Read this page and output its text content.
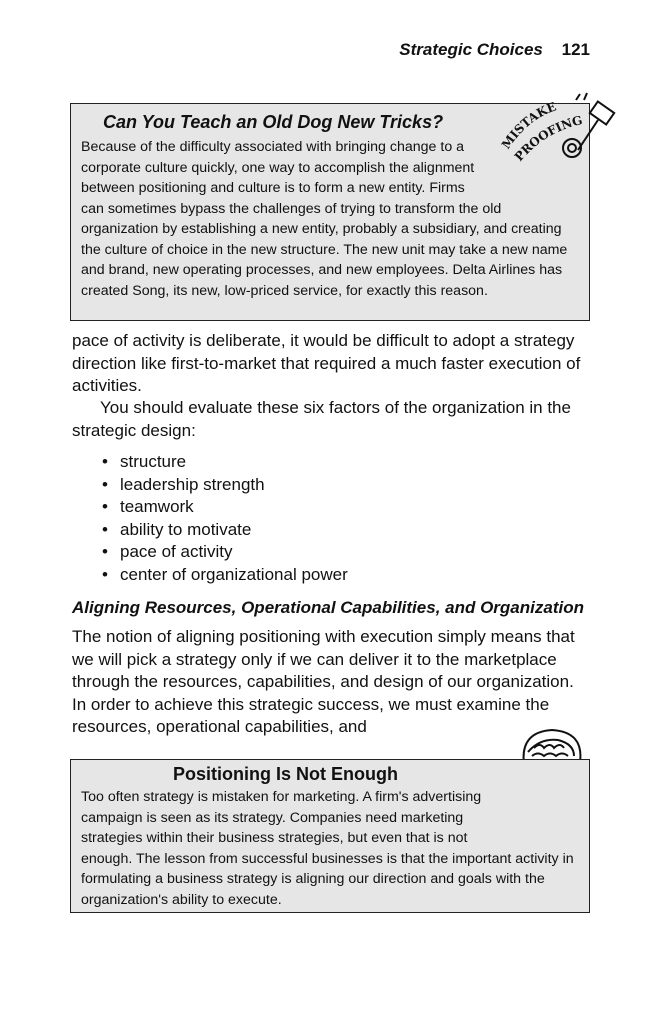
Strategic Choices 121
Can You Teach an Old Dog New Tricks?

Because of the difficulty associated with bringing change to a corporate culture quickly, one way to accomplish the alignment between positioning and culture is to form a new entity. Firms can sometimes bypass the challenges of trying to transform the old organization by establishing a new entity, probably a subsidiary, and creating the culture of choice in the new structure. The new unit may take a new name and brand, new operating processes, and new employees. Delta Airlines has created Song, its new, low-priced service, for exactly this reason.

MISTAKE
PROOFING

pace of activity is deliberate, it would be difficult to adopt a strategy direction like first-to-market that required a much faster execution of activities.

You should evaluate these six factors of the organization in the strategic design:

• structure
• leadership strength
• teamwork
• ability to motivate
• pace of activity
• center of organizational power
Aligning Resources, Operational Capabilities, and Organization

The notion of aligning positioning with execution simply means that we will pick a strategy only if we can deliver it to the marketplace through the resources, capabilities, and design of our organization. In order to achieve this strategic success, we must examine the resources, operational capabilities, and

Positioning Is Not Enough

Too often strategy is mistaken for marketing. A firm's advertising campaign is seen as its strategy. Companies need marketing strategies within their business strategies, but even that is not enough. The lesson from successful businesses is that the important activity in formulating a business strategy is aligning our direction and goals with the organization's ability to execute.
